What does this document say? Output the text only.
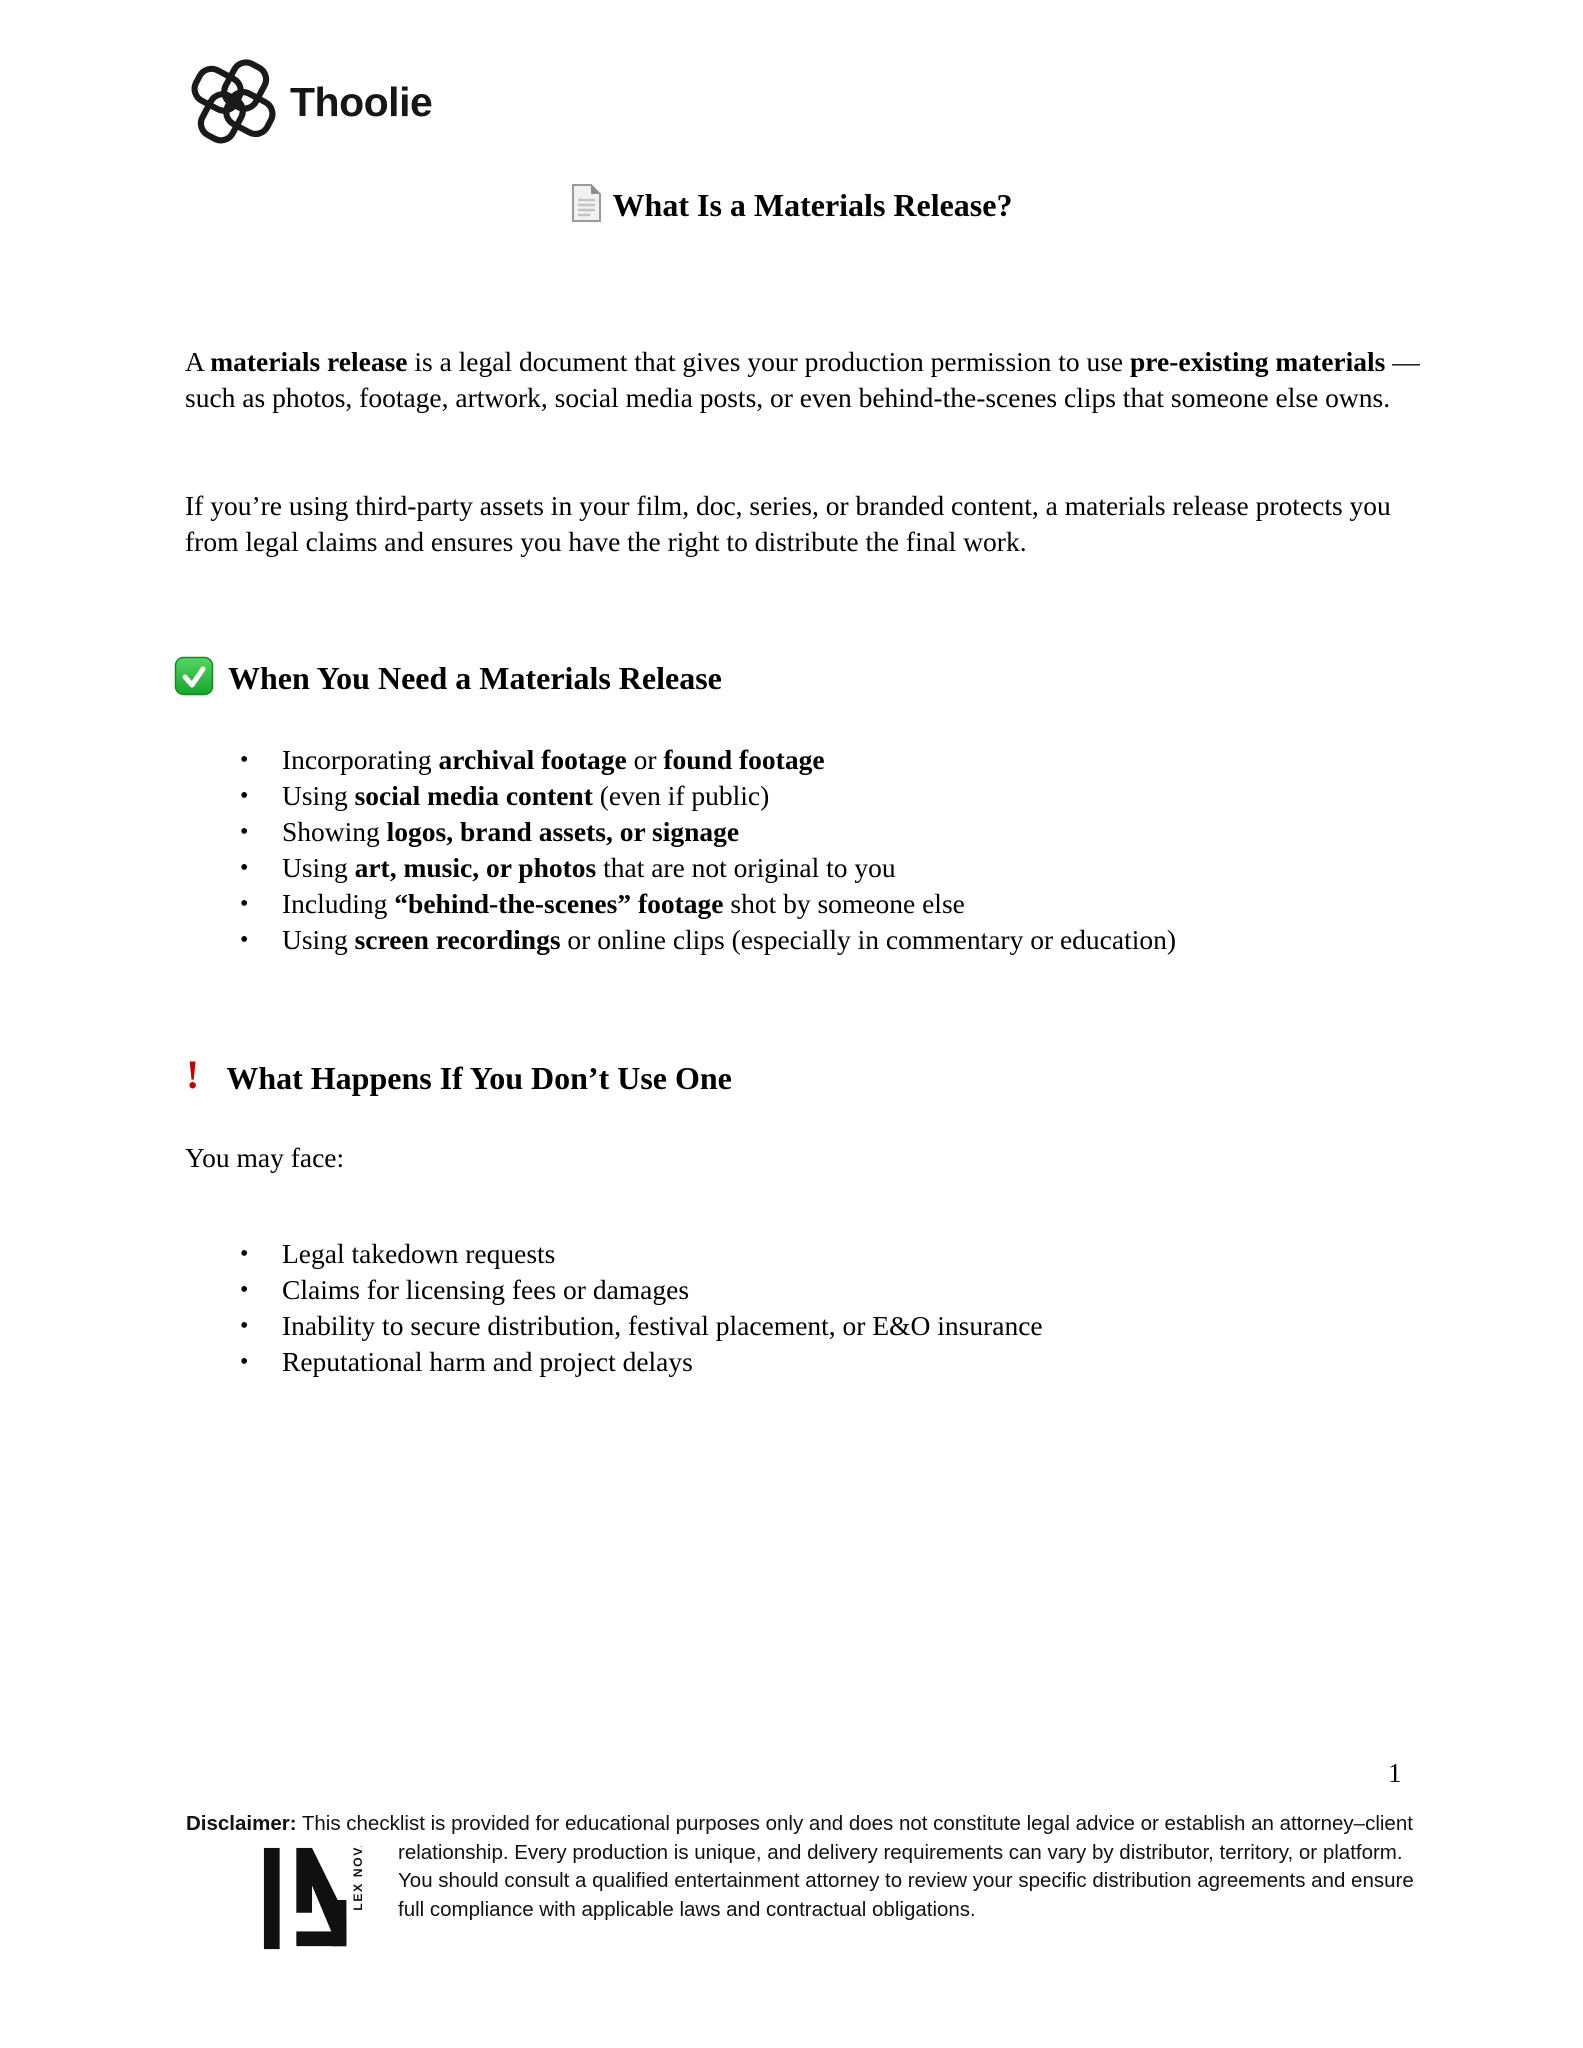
Thoolie
What Is a Materials Release?

A materials release is a legal document that gives your production permission to use pre-existing materials — such as photos, footage, artwork, social media posts, or even behind-the-scenes clips that someone else owns.

If you’re using third-party assets in your film, doc, series, or branded content, a materials release protects you from legal claims and ensures you have the right to distribute the final work.

When You Need a Materials Release
• Incorporating archival footage or found footage
• Using social media content (even if public)
• Showing logos, brand assets, or signage
• Using art, music, or photos that are not original to you
• Including “behind-the-scenes” footage shot by someone else
• Using screen recordings or online clips (especially in commentary or education)
! What Happens If You Don’t Use One

You may face:

• Legal takedown requests
• Claims for licensing fees or damages
• Inability to secure distribution, festival placement, or E&O insurance
• Reputational harm and project delays
1

Disclaimer: This checklist is provided for educational purposes only and does not constitute legal advice or establish an attorney–client relationship. Every production is unique, and delivery requirements can vary by distributor, territory, or platform. You should consult a qualified entertainment attorney to review your specific distribution agreements and ensure full compliance with applicable laws and contractual obligations.

LEX NOVA
